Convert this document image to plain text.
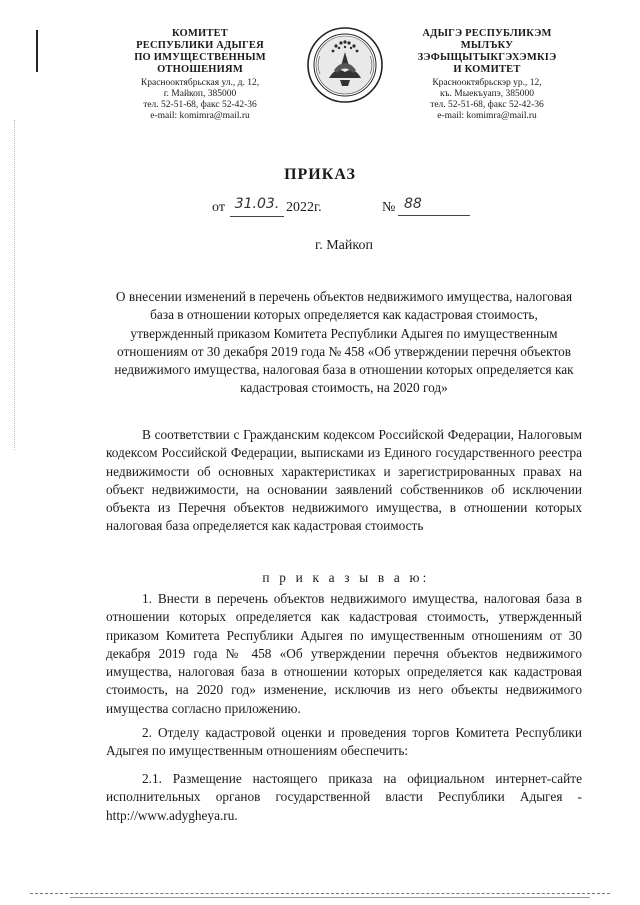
КОМИТЕТ
РЕСПУБЛИКИ АДЫГЕЯ
ПО ИМУЩЕСТВЕННЫМ ОТНОШЕНИЯМ
Краснооктябрьская ул., д. 12,
г. Майкоп, 385000
тел. 52-51-68, факс 52-42-36
e-mail: komimra@mail.ru
АДЫГЭ РЕСПУБЛИКЭМ
МЫЛЪКУ ЗЭФЫЩЫТЫКГЭХЭМКIЭ
И КОМИТЕТ
Краснооктябрьскэр ур., 12,
къ. Мыекъуапэ, 385000
тел. 52-51-68, факс 52-42-36
e-mail: komimra@mail.ru
ПРИКАЗ
от 31.03. 2022г.	№ 88
г. Майкоп
О внесении изменений в перечень объектов недвижимого имущества, налоговая база в отношении которых определяется как кадастровая стоимость, утвержденный приказом Комитета Республики Адыгея по имущественным отношениям от 30 декабря 2019 года № 458 «Об утверждении перечня объектов недвижимого имущества, налоговая база в отношении которых определяется как кадастровая стоимость, на 2020 год»
В соответствии с Гражданским кодексом Российской Федерации, Налоговым кодексом Российской Федерации, выписками из Единого государственного реестра недвижимости об основных характеристиках и зарегистрированных правах на объект недвижимости, на основании заявлений собственников об исключении объекта из Перечня объектов недвижимого имущества, в отношении которых налоговая база определяется как кадастровая стоимость
п р и к а з ы в а ю:
1. Внести в перечень объектов недвижимого имущества, налоговая база в отношении которых определяется как кадастровая стоимость, утвержденный приказом Комитета Республики Адыгея по имущественным отношениям от 30 декабря 2019 года № 458 «Об утверждении перечня объектов недвижимого имущества, налоговая база в отношении которых определяется как кадастровая стоимость, на 2020 год» изменение, исключив из него объекты недвижимого имущества согласно приложению.
2. Отделу кадастровой оценки и проведения торгов Комитета Республики Адыгея по имущественным отношениям обеспечить:
2.1. Размещение настоящего приказа на официальном интернет-сайте исполнительных органов государственной власти Республики Адыгея - http://www.adygheya.ru.
